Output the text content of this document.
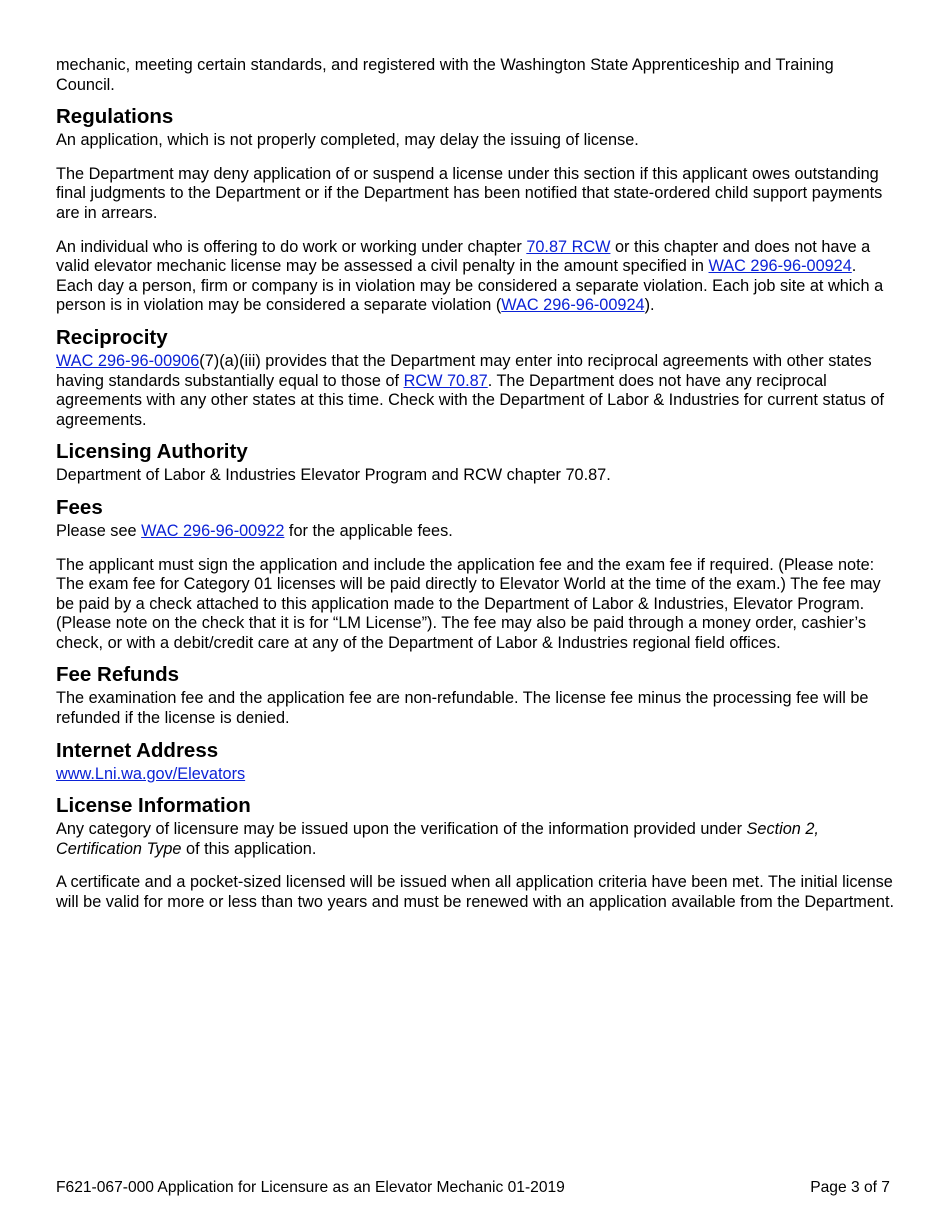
mechanic, meeting certain standards, and registered with the Washington State Apprenticeship and Training Council.

Regulations

An application, which is not properly completed, may delay the issuing of license.

The Department may deny application of or suspend a license under this section if this applicant owes outstanding final judgments to the Department or if the Department has been notified that state-ordered child support payments are in arrears.

An individual who is offering to do work or working under chapter 70.87 RCW or this chapter and does not have a valid elevator mechanic license may be assessed a civil penalty in the amount specified in WAC 296-96-00924. Each day a person, firm or company is in violation may be considered a separate violation. Each job site at which a person is in violation may be considered a separate violation (WAC 296-96-00924).

Reciprocity

WAC 296-96-00906(7)(a)(iii) provides that the Department may enter into reciprocal agreements with other states having standards substantially equal to those of RCW 70.87. The Department does not have any reciprocal agreements with any other states at this time. Check with the Department of Labor & Industries for current status of agreements.

Licensing Authority

Department of Labor & Industries Elevator Program and RCW chapter 70.87.

Fees

Please see WAC 296-96-00922 for the applicable fees.

The applicant must sign the application and include the application fee and the exam fee if required. (Please note: The exam fee for Category 01 licenses will be paid directly to Elevator World at the time of the exam.) The fee may be paid by a check attached to this application made to the Department of Labor & Industries, Elevator Program. (Please note on the check that it is for “LM License”). The fee may also be paid through a money order, cashier’s check, or with a debit/credit care at any of the Department of Labor & Industries regional field offices.

Fee Refunds

The examination fee and the application fee are non-refundable. The license fee minus the processing fee will be refunded if the license is denied.

Internet Address

www.Lni.wa.gov/Elevators

License Information

Any category of licensure may be issued upon the verification of the information provided under Section 2, Certification Type of this application.

A certificate and a pocket-sized licensed will be issued when all application criteria have been met. The initial license will be valid for more or less than two years and must be renewed with an application available from the Department.

F621-067-000 Application for Licensure as an Elevator Mechanic 01-2019	Page 3 of 7
